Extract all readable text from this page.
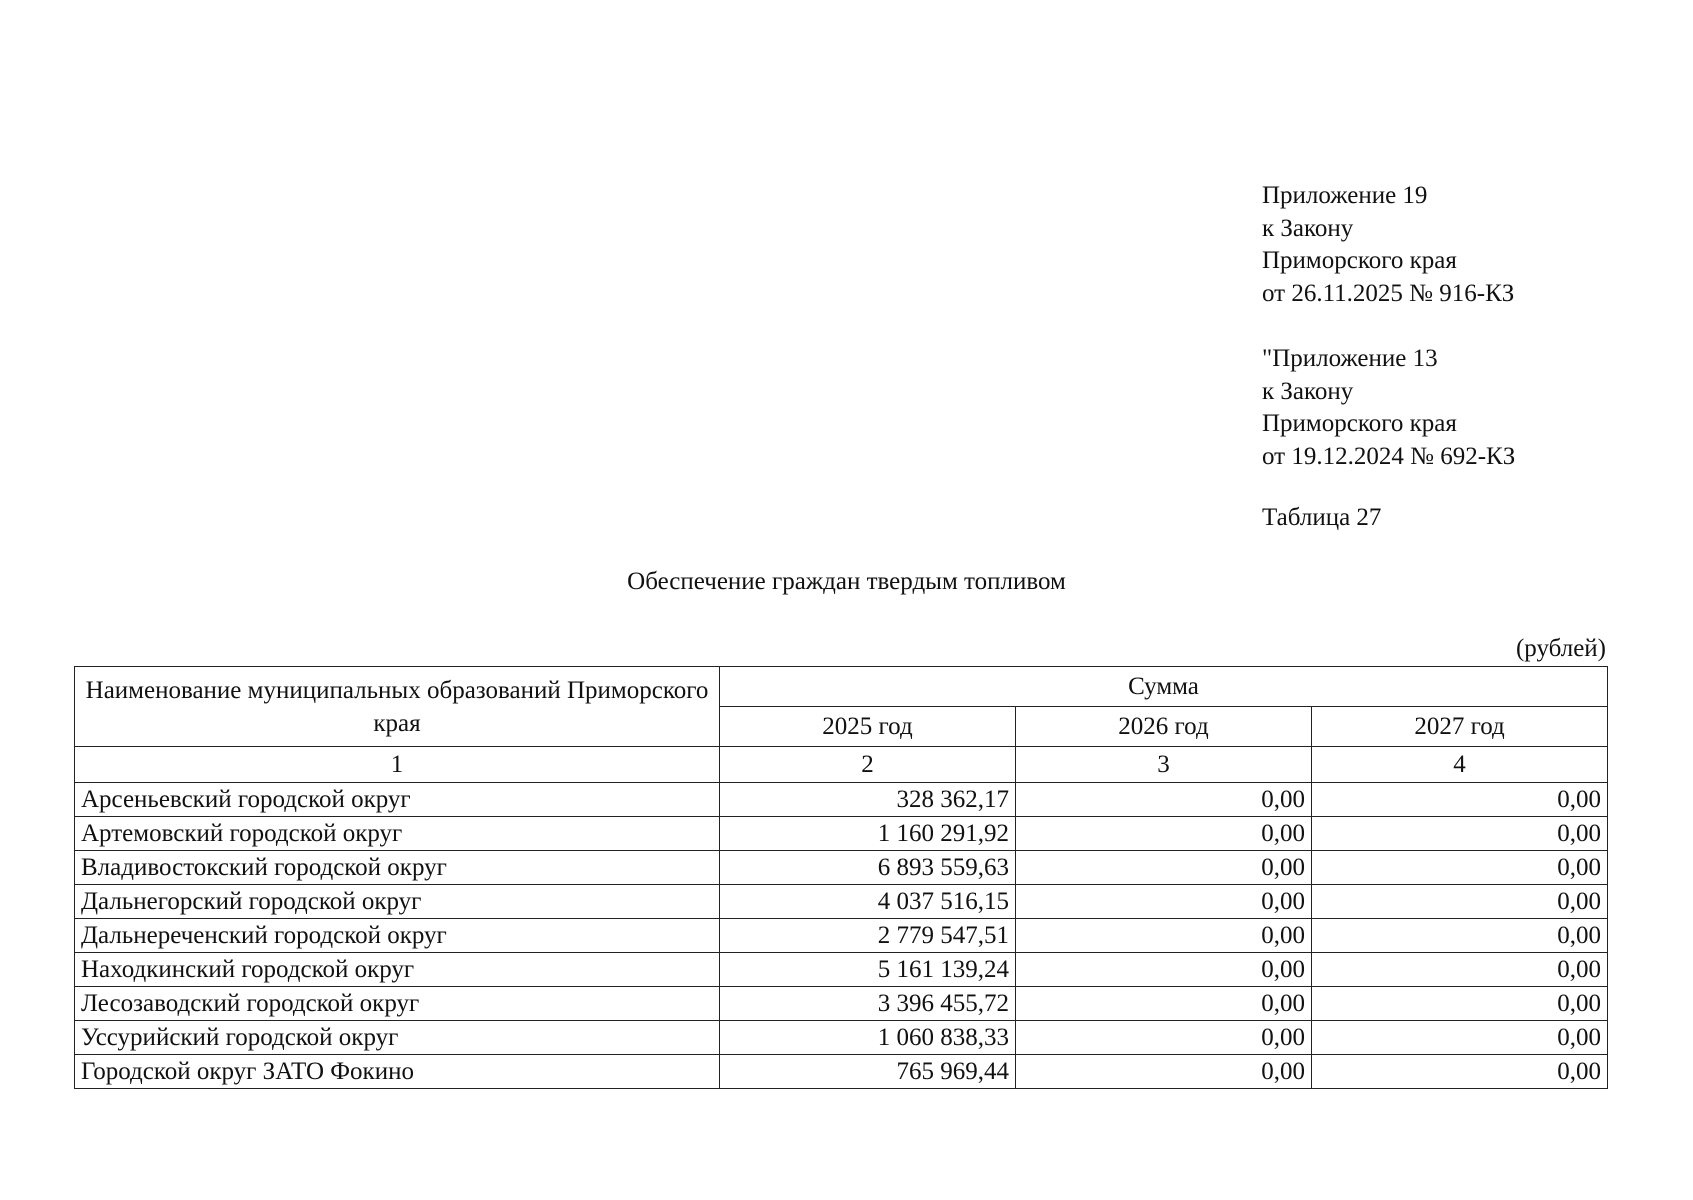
Приложение 19
к Закону
Приморского края
от 26.11.2025 № 916-КЗ
"Приложение 13
к Закону
Приморского края
от 19.12.2024 № 692-КЗ
Таблица 27
Обеспечение граждан твердым топливом
(рублей)
Наименование муниципальных образований Приморского края	Сумма		
	2025 год	2026 год	2027 год
1	2	3	4
Арсеньевский городской округ	328 362,17	0,00	0,00
Артемовский городской округ	1 160 291,92	0,00	0,00
Владивостокский городской округ	6 893 559,63	0,00	0,00
Дальнегорский городской округ	4 037 516,15	0,00	0,00
Дальнереченский городской округ	2 779 547,51	0,00	0,00
Находкинский городской округ	5 161 139,24	0,00	0,00
Лесозаводский городской округ	3 396 455,72	0,00	0,00
Уссурийский городской округ	1 060 838,33	0,00	0,00
Городской округ ЗАТО Фокино	765 969,44	0,00	0,00
